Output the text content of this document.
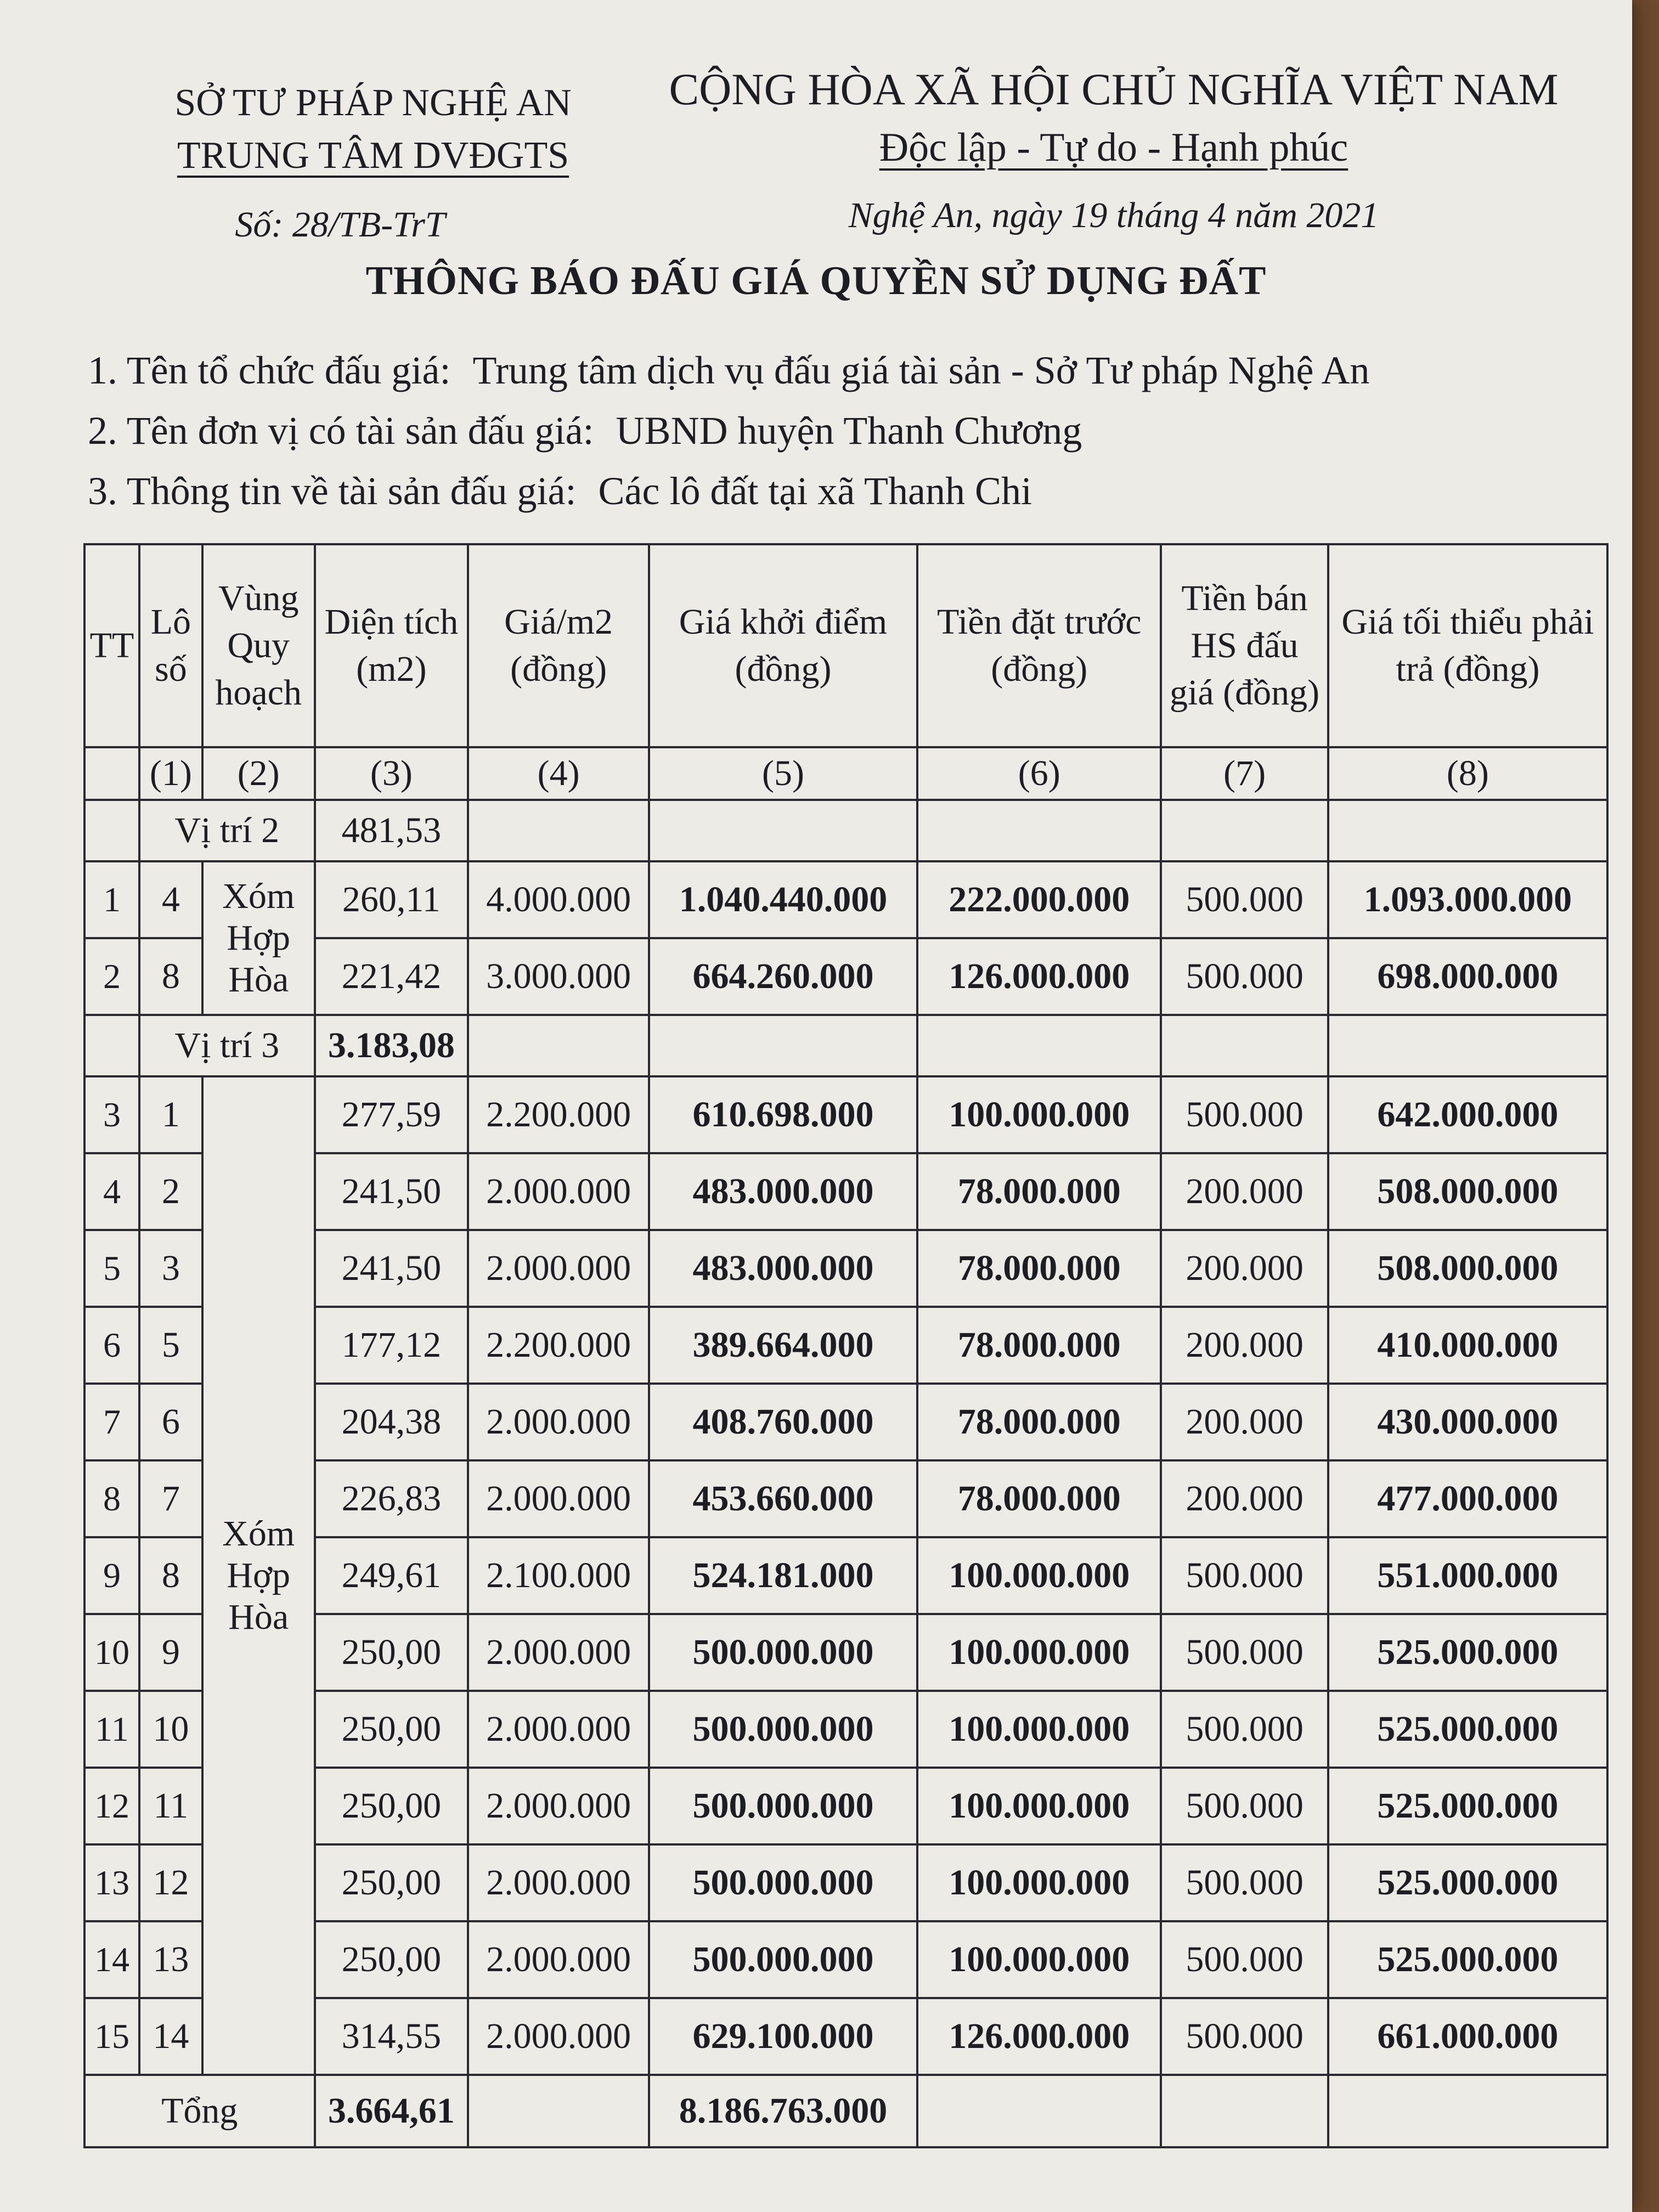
SỞ TƯ PHÁP NGHỆ AN
TRUNG TÂM DVĐGTS
Số: 28/TB-TrT
CỘNG HÒA XÃ HỘI CHỦ NGHĨA VIỆT NAM
Độc lập - Tự do - Hạnh phúc
Nghệ An, ngày 19 tháng 4 năm 2021
THÔNG BÁO ĐẤU GIÁ QUYỀN SỬ DỤNG ĐẤT
1. Tên tổ chức đấu giá: Trung tâm dịch vụ đấu giá tài sản - Sở Tư pháp Nghệ An
2. Tên đơn vị có tài sản đấu giá: UBND huyện Thanh Chương
3. Thông tin về tài sản đấu giá: Các lô đất tại xã Thanh Chi
TT	Lô số	Vùng Quy hoạch	Diện tích (m2)	Giá/m2 (đồng)	Giá khởi điểm (đồng)	Tiền đặt trước (đồng)	Tiền bán HS đấu giá (đồng)	Giá tối thiểu phải trả (đồng)
	(1)	(2)	(3)	(4)	(5)	(6)	(7)	(8)
	Vị trí 2		481,53					
1	4	Xóm Hợp Hòa	260,11	4.000.000	1.040.440.000	222.000.000	500.000	1.093.000.000
2	8		221,42	3.000.000	664.260.000	126.000.000	500.000	698.000.000
	Vị trí 3		3.183,08					
3	1	Xóm Hợp Hòa	277,59	2.200.000	610.698.000	100.000.000	500.000	642.000.000
4	2		241,50	2.000.000	483.000.000	78.000.000	200.000	508.000.000
5	3		241,50	2.000.000	483.000.000	78.000.000	200.000	508.000.000
6	5		177,12	2.200.000	389.664.000	78.000.000	200.000	410.000.000
7	6		204,38	2.000.000	408.760.000	78.000.000	200.000	430.000.000
8	7		226,83	2.000.000	453.660.000	78.000.000	200.000	477.000.000
9	8		249,61	2.100.000	524.181.000	100.000.000	500.000	551.000.000
10	9		250,00	2.000.000	500.000.000	100.000.000	500.000	525.000.000
11	10		250,00	2.000.000	500.000.000	100.000.000	500.000	525.000.000
12	11		250,00	2.000.000	500.000.000	100.000.000	500.000	525.000.000
13	12		250,00	2.000.000	500.000.000	100.000.000	500.000	525.000.000
14	13		250,00	2.000.000	500.000.000	100.000.000	500.000	525.000.000
15	14		314,55	2.000.000	629.100.000	126.000.000	500.000	661.000.000
Tổng			3.664,61		8.186.763.000			
